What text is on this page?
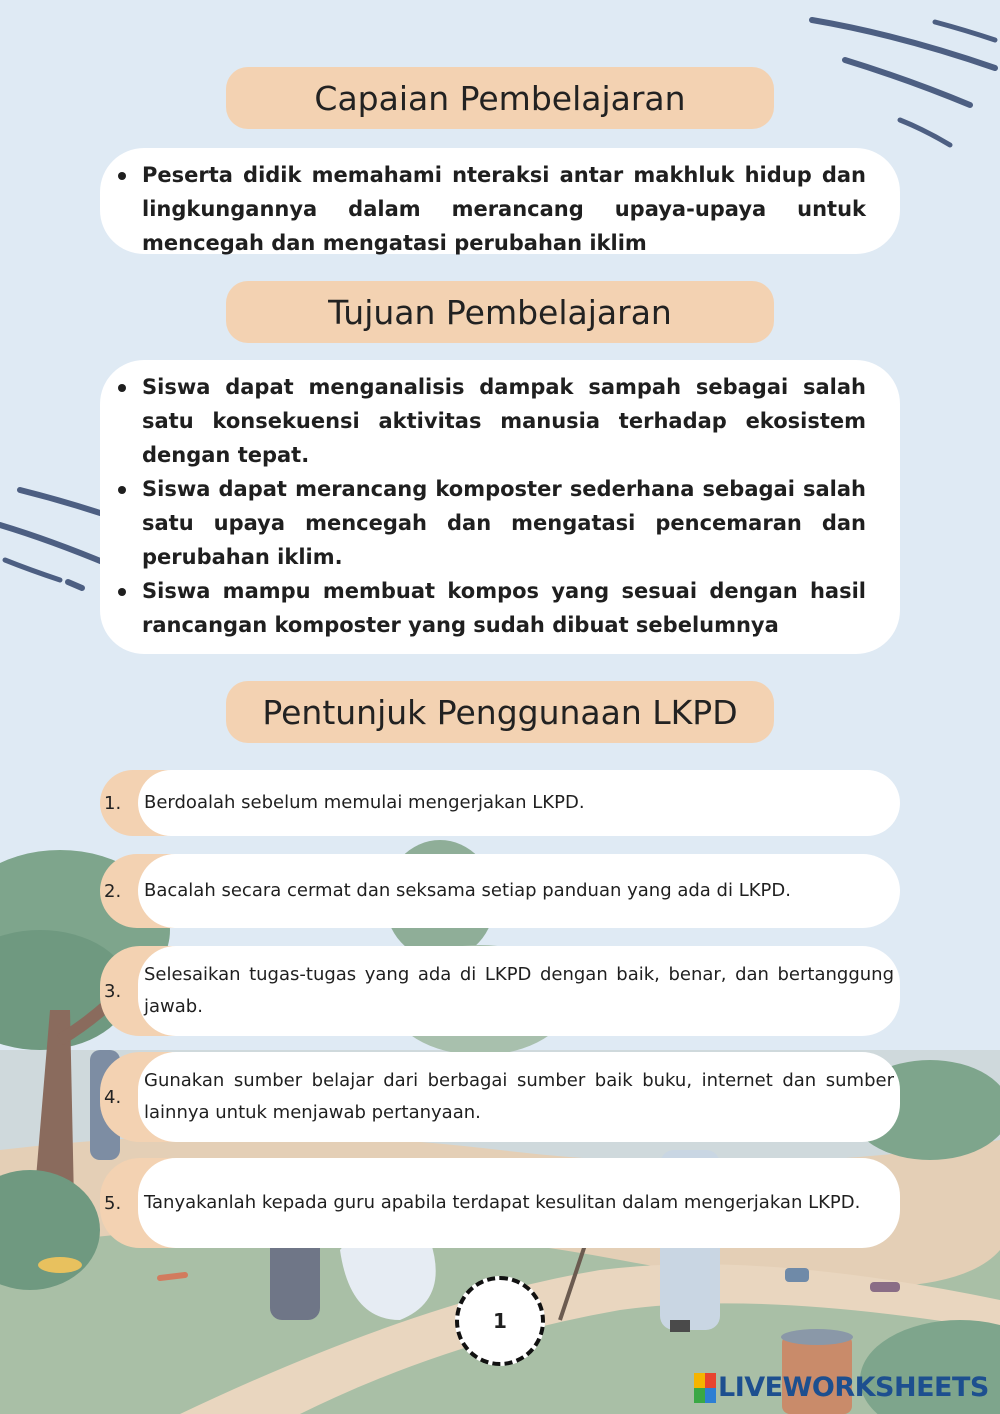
Capaian Pembelajaran
Peserta didik memahami nteraksi antar makhluk hidup dan lingkungannya dalam merancang upaya-upaya untuk mencegah dan mengatasi perubahan iklim
Tujuan Pembelajaran
Siswa dapat menganalisis dampak sampah sebagai salah satu konsekuensi aktivitas manusia terhadap ekosistem dengan tepat.
Siswa dapat merancang komposter sederhana sebagai salah satu upaya mencegah dan mengatasi pencemaran dan perubahan iklim.
Siswa mampu membuat kompos yang sesuai dengan hasil rancangan komposter yang sudah dibuat sebelumnya
Pentunjuk Penggunaan LKPD
1.	Berdoalah sebelum memulai mengerjakan LKPD.
2.	Bacalah secara cermat dan seksama setiap panduan yang ada di LKPD.
3.
Selesaikan tugas-tugas yang ada di LKPD dengan baik, benar, dan bertanggung jawab.
4.
Gunakan sumber belajar dari berbagai sumber baik buku, internet dan sumber lainnya untuk menjawab pertanyaan.
5.	Tanyakanlah kepada guru apabila terdapat kesulitan dalam mengerjakan LKPD.
1
LIVEWORKSHEETS
